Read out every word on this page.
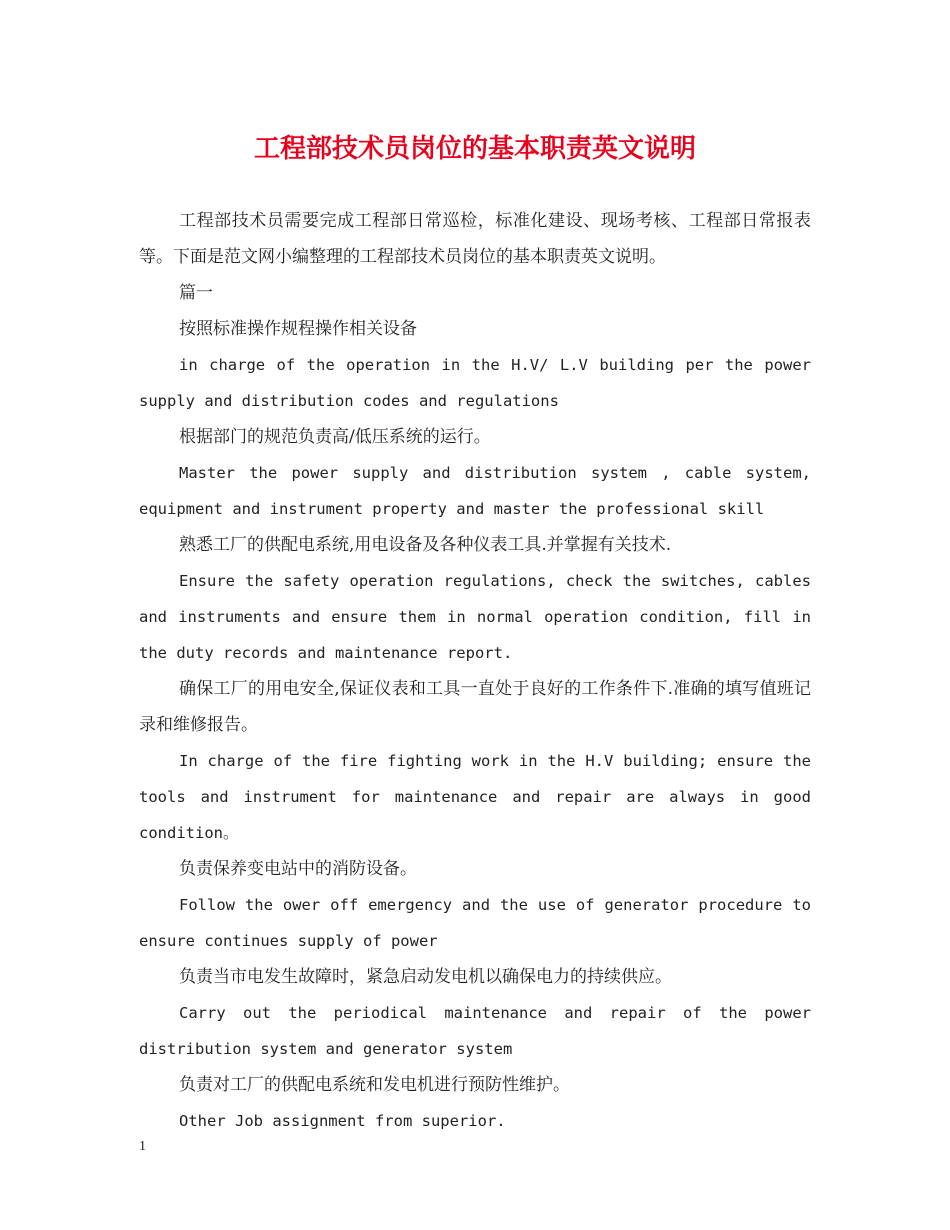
工程部技术员岗位的基本职责英文说明

工程部技术员需要完成工程部日常巡检，标准化建设、现场考核、工程部日常报表等。下面是范文网小编整理的工程部技术员岗位的基本职责英文说明。

篇一

按照标准操作规程操作相关设备

in charge of the operation in the H.V/ L.V building per the power supply and distribution codes and regulations

根据部门的规范负责高/低压系统的运行。

Master the power supply and distribution system , cable system, equipment and instrument property and master the professional skill

熟悉工厂的供配电系统,用电设备及各种仪表工具.并掌握有关技术.

Ensure the safety operation regulations, check the switches, cables and instruments and ensure them in normal operation condition, fill in the duty records and maintenance report.

确保工厂的用电安全,保证仪表和工具一直处于良好的工作条件下.准确的填写值班记录和维修报告。

In charge of the fire fighting work in the H.V building; ensure the tools and instrument for maintenance and repair are always in good condition。

负责保养变电站中的消防设备。

Follow the ower off emergency and the use of generator procedure to ensure continues supply of power

负责当市电发生故障时，紧急启动发电机以确保电力的持续供应。

Carry out the periodical maintenance and repair of the power distribution system and generator system

负责对工厂的供配电系统和发电机进行预防性维护。

Other Job assignment from superior.

1
